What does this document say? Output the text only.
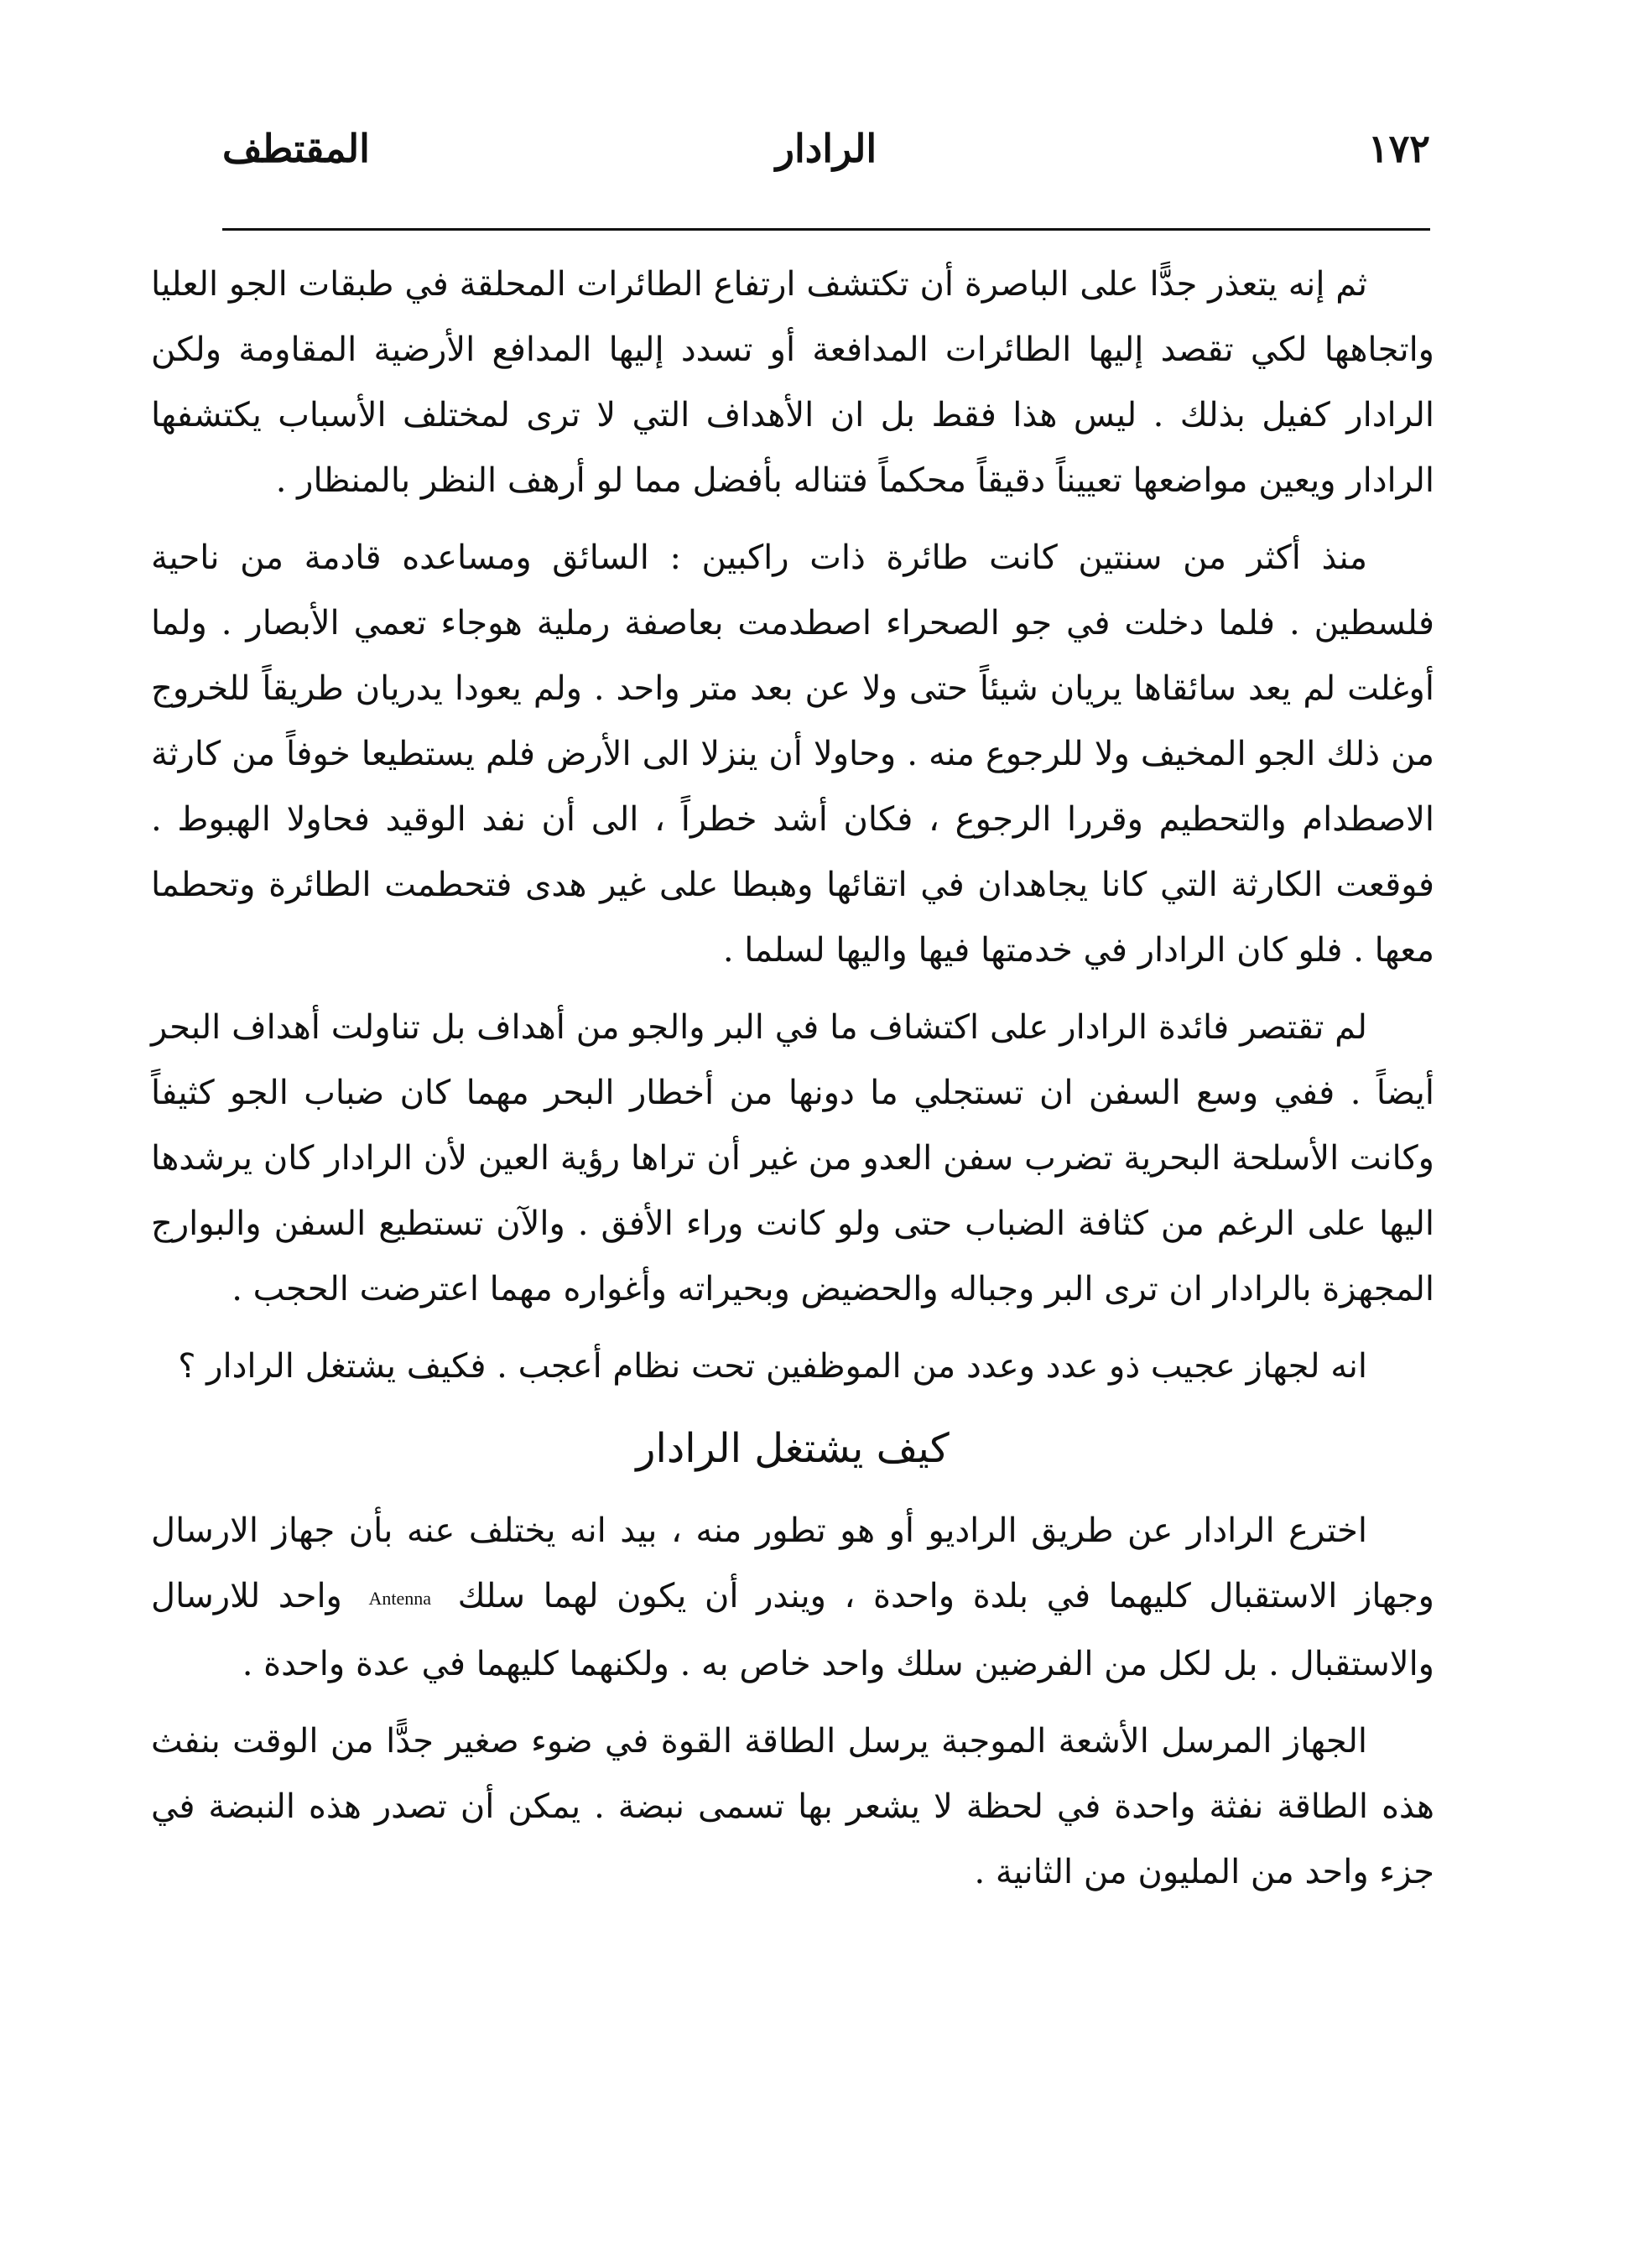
١٧٢
الرادار
المقتطف

ثم إنه يتعذر جدًّا على الباصرة أن تكتشف ارتفاع الطائرات المحلقة في طبقات الجو العليا واتجاهها لكي تقصد إليها الطائرات المدافعة أو تسدد إليها المدافع الأرضية المقاومة ولكن الرادار كفيل بذلك . ليس هذا فقط بل ان الأهداف التي لا ترى لمختلف الأسباب يكتشفها الرادار ويعين مواضعها تعييناً دقيقاً محكماً فتناله بأفضل مما لو أرهف النظر بالمنظار .

منذ أكثر من سنتين كانت طائرة ذات راكبين : السائق ومساعده قادمة من ناحية فلسطين . فلما دخلت في جو الصحراء اصطدمت بعاصفة رملية هوجاء تعمي الأبصار . ولما أوغلت لم يعد سائقاها يريان شيئاً حتى ولا عن بعد متر واحد . ولم يعودا يدريان طريقاً للخروج من ذلك الجو المخيف ولا للرجوع منه . وحاولا أن ينزلا الى الأرض فلم يستطيعا خوفاً من كارثة الاصطدام والتحطيم وقررا الرجوع ، فكان أشد خطراً ، الى أن نفد الوقيد فحاولا الهبوط . فوقعت الكارثة التي كانا يجاهدان في اتقائها وهبطا على غير هدى فتحطمت الطائرة وتحطما معها . فلو كان الرادار في خدمتها فيها واليها لسلما .

لم تقتصر فائدة الرادار على اكتشاف ما في البر والجو من أهداف بل تناولت أهداف البحر أيضاً . ففي وسع السفن ان تستجلي ما دونها من أخطار البحر مهما كان ضباب الجو كثيفاً وكانت الأسلحة البحرية تضرب سفن العدو من غير أن تراها رؤية العين لأن الرادار كان يرشدها اليها على الرغم من كثافة الضباب حتى ولو كانت وراء الأفق . والآن تستطيع السفن والبوارج المجهزة بالرادار ان ترى البر وجباله والحضيض وبحيراته وأغواره مهما اعترضت الحجب .

انه لجهاز عجيب ذو عدد وعدد من الموظفين تحت نظام أعجب . فكيف يشتغل الرادار ؟

كيف يشتغل الرادار

اخترع الرادار عن طريق الراديو أو هو تطور منه ، بيد انه يختلف عنه بأن جهاز الارسال وجهاز الاستقبال كليهما في بلدة واحدة ، ويندر أن يكون لهما سلك Antenna واحد للارسال والاستقبال . بل لكل من الفرضين سلك واحد خاص به . ولكنهما كليهما في عدة واحدة .

الجهاز المرسل الأشعة الموجبة يرسل الطاقة القوة في ضوء صغير جدًّا من الوقت بنفث هذه الطاقة نفثة واحدة في لحظة لا يشعر بها تسمى نبضة . يمكن أن تصدر هذه النبضة في جزء واحد من المليون من الثانية .
